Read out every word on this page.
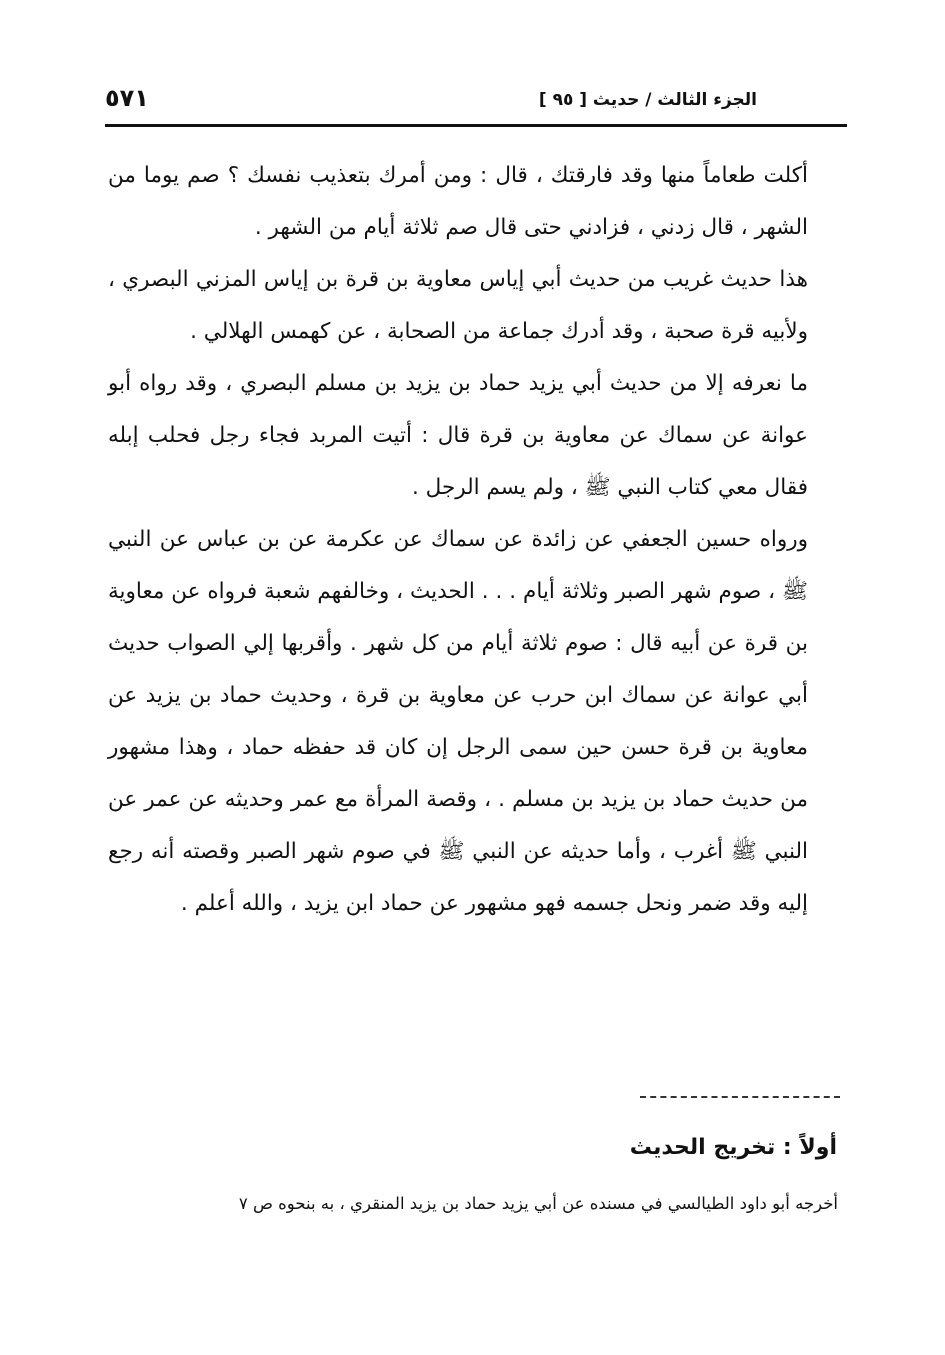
٥٧١	الجزء الثالث / حديث [ ٩٥ ]

أكلت طعاماً منها وقد فارقتك ، قال : ومن أمرك بتعذيب نفسك ؟ صم يوما من الشهر ، قال زدني ، فزادني حتى قال صم ثلاثة أيام من الشهر .

هذا حديث غريب من حديث أبي إياس معاوية بن قرة بن إياس المزني البصري ، ولأبيه قرة صحبة ، وقد أدرك جماعة من الصحابة ، عن كهمس الهلالي .

ما نعرفه إلا من حديث أبي يزيد حماد بن يزيد بن مسلم البصري ، وقد رواه أبو عوانة عن سماك عن معاوية بن قرة قال : أتيت المربد فجاء رجل فحلب إبله فقال معي كتاب النبي ﷺ ، ولم يسم الرجل .

ورواه حسين الجعفي عن زائدة عن سماك عن عكرمة عن بن عباس عن النبي ﷺ ، صوم شهر الصبر وثلاثة أيام . . . الحديث ، وخالفهم شعبة فرواه عن معاوية بن قرة عن أبيه قال : صوم ثلاثة أيام من كل شهر . وأقربها إلي الصواب حديث أبي عوانة عن سماك ابن حرب عن معاوية بن قرة ، وحديث حماد بن يزيد عن معاوية بن قرة حسن حين سمى الرجل إن كان قد حفظه حماد ، وهذا مشهور من حديث حماد بن يزيد بن مسلم . ، وقصة المرأة مع عمر وحديثه عن عمر عن النبي ﷺ أغرب ، وأما حديثه عن النبي ﷺ في صوم شهر الصبر وقصته أنه رجع إليه وقد ضمر ونحل جسمه فهو مشهور عن حماد ابن يزيد ، والله أعلم .

أولاً : تخريج الحديث
أخرجه أبو داود الطيالسي في مسنده عن أبي يزيد حماد بن يزيد المنقري ، به بنحوه ص ٧
